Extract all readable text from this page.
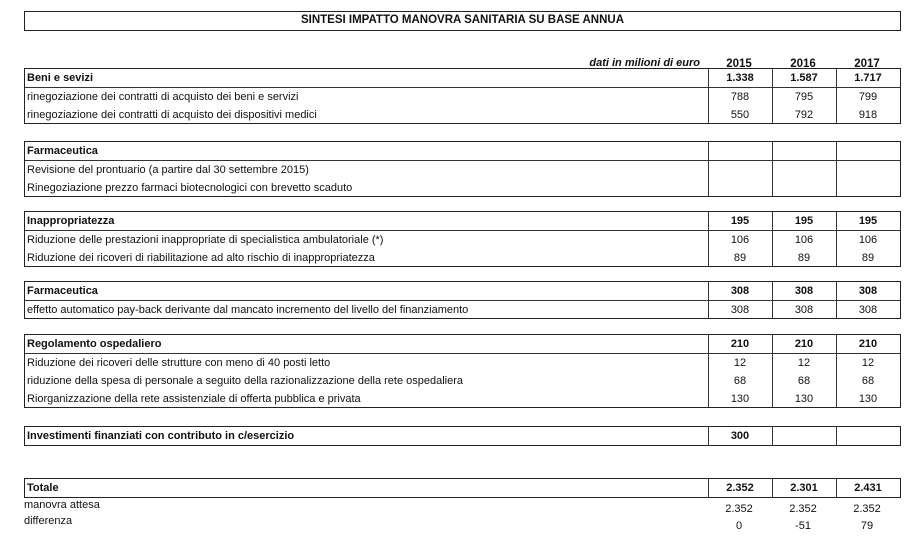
SINTESI IMPATTO MANOVRA SANITARIA SU BASE ANNUA
dati in milioni di euro	2015	2016	2017
Beni e sevizi	1.338	1.587	1.717
rinegoziazione dei contratti di acquisto dei beni e servizi	788	795	799
rinegoziazione dei contratti di acquisto dei dispositivi medici	550	792	918
Farmaceutica
Revisione del prontuario (a partire dal 30 settembre 2015)
Rinegoziazione prezzo farmaci biotecnologici con brevetto scaduto
Inappropriatezza	195	195	195
Riduzione delle prestazioni inappropriate di specialistica ambulatoriale (*)	106	106	106
Riduzione dei ricoveri di riabilitazione ad alto rischio di inappropriatezza	89	89	89
Farmaceutica	308	308	308
effetto automatico pay-back derivante dal mancato incremento del livello del finanziamento	308	308	308
Regolamento ospedaliero	210	210	210
Riduzione dei ricoveri delle strutture con meno di 40 posti letto	12	12	12
riduzione della spesa di personale a seguito della razionalizzazione della rete ospedaliera	68	68	68
Riorganizzazione della rete assistenziale di offerta pubblica e privata	130	130	130
Investimenti finanziati con contributo in c/esercizio	300
Totale	2.352	2.301	2.431
manovra attesa	2.352	2.352	2.352
differenza	0	-51	79
